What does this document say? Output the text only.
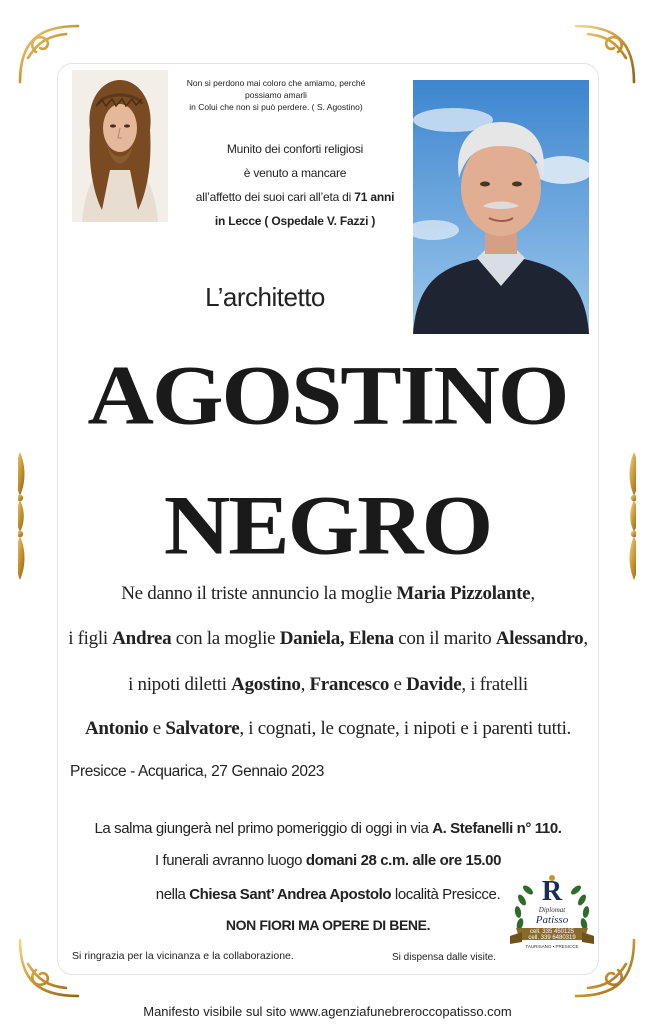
Non si perdono mai coloro che amiamo, perché possiamo amarli
in Colui che non si può perdere. ( S. Agostino)
Munito dei conforti religiosi
è venuto a mancare
all’affetto dei suoi cari all’eta di 71 anni
in Lecce ( Ospedale V. Fazzi )
L’architetto
AGOSTINO
NEGRO
Ne danno il triste annuncio la moglie Maria Pizzolante,
i figli Andrea con la moglie Daniela, Elena con il marito Alessandro,
i nipoti diletti Agostino, Francesco e Davide, i fratelli
Antonio e Salvatore, i cognati, le cognate, i nipoti e i parenti tutti.
Presicce - Acquarica, 27 Gennaio 2023
La salma giungerà nel primo pomeriggio di oggi in via A. Stefanelli n° 110.
I funerali avranno luogo domani 28 c.m. alle ore 15.00
nella Chiesa Sant’ Andrea Apostolo località Presicce.
NON FIORI MA OPERE DI BENE.
Si ringrazia per la vicinanza e la collaborazione.	Si dispensa dalle visite.
R
Diplomat
Patisso
cell. 335 450125
cell. 339 6480319
TAURISANO • PRESICCE
Manifesto visibile sul sito www.agenziafunebreroccopatisso.com
